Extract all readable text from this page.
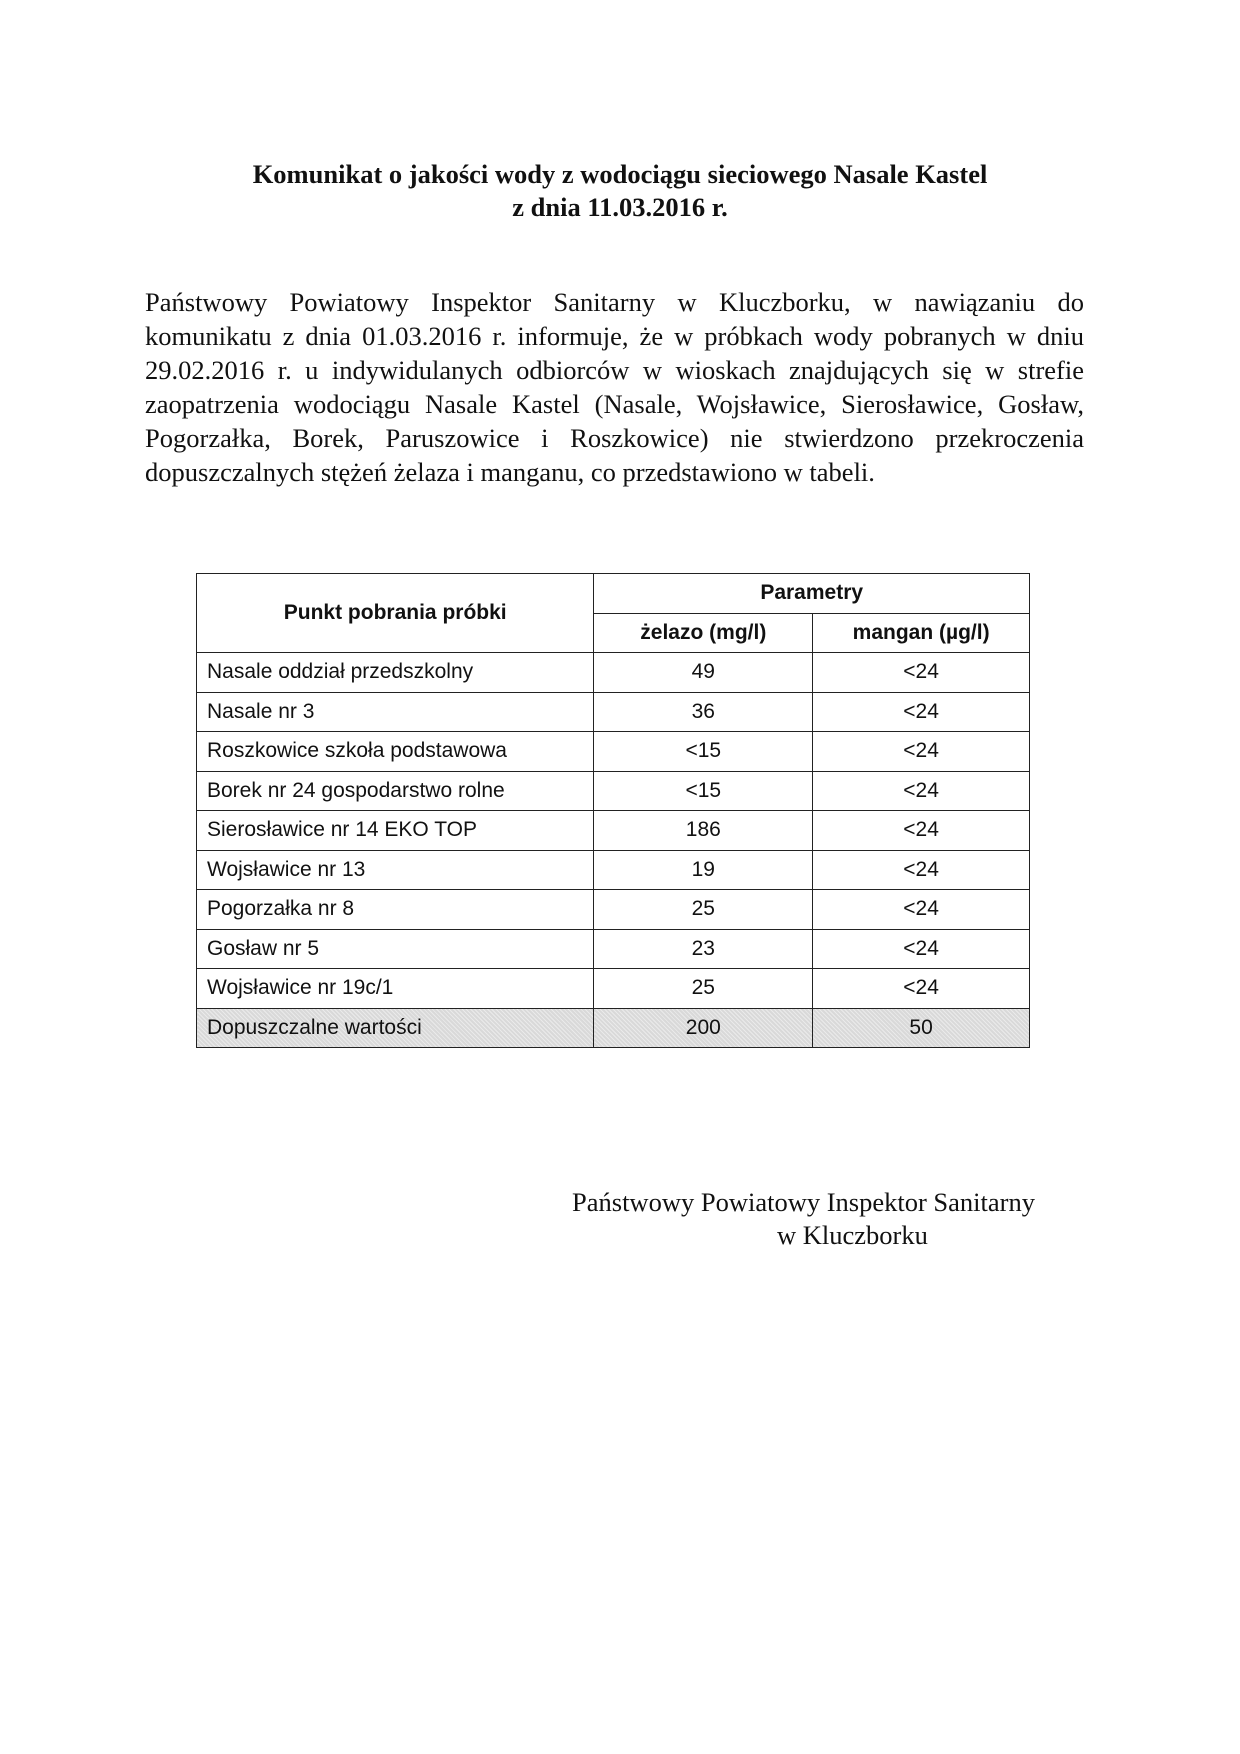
Komunikat o jakości wody z wodociągu sieciowego Nasale Kastel
z dnia 11.03.2016 r.
Państwowy Powiatowy Inspektor Sanitarny w Kluczborku, w nawiązaniu do komunikatu z dnia 01.03.2016 r. informuje, że w próbkach wody pobranych w dniu 29.02.2016 r. u indywidulanych odbiorców w wioskach znajdujących się w strefie zaopatrzenia wodociągu Nasale Kastel (Nasale, Wojsławice, Sierosławice, Gosław, Pogorzałka, Borek, Paruszowice i Roszkowice) nie stwierdzono przekroczenia dopuszczalnych stężeń żelaza i manganu, co przedstawiono w tabeli.
Punkt pobrania próbki	Parametry	
	żelazo (mg/l)	mangan (µg/l)
Nasale oddział przedszkolny	49	<24
Nasale nr 3	36	<24
Roszkowice szkoła podstawowa	<15	<24
Borek nr 24 gospodarstwo rolne	<15	<24
Sierosławice nr 14 EKO TOP	186	<24
Wojsławice nr 13	19	<24
Pogorzałka nr 8	25	<24
Gosław nr 5	23	<24
Wojsławice nr 19c/1	25	<24
Dopuszczalne wartości	200	50
Państwowy Powiatowy Inspektor Sanitarny
w Kluczborku
